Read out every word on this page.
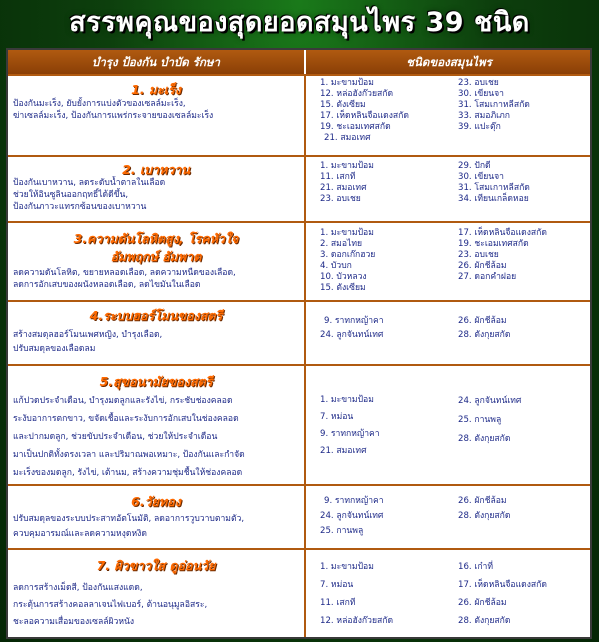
สรรพคุณของสุดยอดสมุนไพร 39 ชนิด
บำรุง ป้องกัน บำบัด รักษา	ชนิดของสมุนไพร
1. มะเร็ง
ป้องกันมะเร็ง, ยับยั้งการแบ่งตัวของเซลล์มะเร็ง,
ฆ่าเซลล์มะเร็ง, ป้องกันการแพร่กระจายของเซลล์มะเร็ง
1. มะขามป้อม
12. หล่อฮังก๊วยสกัด
15. ตังเซียม
17. เห็ดหลินจือแดงสกัด
19. ชะเอมเทศสกัด
21. สมอเทศ
23. อบเชย
30. เขียนจา
31. โสมเกาหลีสกัด
33. สมอภิเภก
39. แปะตุ๊ก
2. เบาหวาน
ป้องกันเบาหวาน, ลดระดับน้ำตาลในเลือด
ช่วยให้อินซูลินออกฤทธิ์ได้ดีขึ้น,
ป้องกันภาวะแทรกซ้อนของเบาหวาน
1. มะขามป้อม
11. เสกที
21. สมอเทศ
23. อบเชย
29. ปักดี
30. เขียนจา
31. โสมเกาหลีสกัด
34. เทียนเกล็ดหอย
3.ความดันโลหิตสูง, โรคหัวใจ
อัมพฤกษ์ อัมพาต
ลดความดันโลหิต, ขยายหลอดเลือด, ลดความหนืดของเลือด,
ลดการอักเสบของผนังหลอดเลือด, ลดไขมันในเลือด
1. มะขามป้อม
2. สมอไทย
3. ดอกเก๊กฮวย
4. บัวบก
10. บัวหลวง
15. ตังเซียม
17. เห็ดหลินจือแดงสกัด
19. ชะเอมเทศสกัด
23. อบเชย
26. ผักชีล้อม
27. ดอกคำฝอย
4.ระบบฮอร์โมนของสตรี
สร้างสมดุลฮอร์โมนเพศหญิง, บำรุงเลือด,
ปรับสมดุลของเลือดลม
9. ราทกหญ้าคา
24. ลูกจันทน์เทศ
26. ผักชีล้อม
28. ตังกุยสกัด
5.สุขอนามัยของสตรี
แก้ปวดประจำเดือน, บำรุงมดลูกและรังไข่, กระชับช่องคลอด
ระงับอาการตกขาว, ขจัดเชื้อและระงับการอักเสบในช่องคลอด
และปากมดลูก, ช่วยขับประจำเดือน, ช่วยให้ประจำเดือน
มาเป็นปกติทั้งตรงเวลา และปริมาณพอเหมาะ, ป้องกันและกำจัด
มะเร็งของมดลูก, รังไข่, เต้านม, สร้างความชุ่มชื้นให้ช่องคลอด
1. มะขามป้อม
7. หม่อน
9. ราทกหญ้าคา
21. สมอเทศ
24. ลูกจันทน์เทศ
25. กานพลู
28. ตังกุยสกัด
6.วัยทอง
ปรับสมดุลของระบบประสาทอัตโนมัติ, ลดอาการวูบวาบตามตัว,
ควบคุมอารมณ์และลดความหงุดหงิด
9. ราทกหญ้าคา
24. ลูกจันทน์เทศ
25. กานพลู
26. ผักชีล้อม
28. ตังกุยสกัด
7. ผิวขาวใส ดูอ่อนวัย
ลดการสร้างเม็ดสี, ป้องกันแสงแดด,
กระตุ้นการสร้างคอลลาเจนไฟเบอร์, ต้านอนุมูลอิสระ,
ชะลอความเสื่อมของเซลล์ผิวหนัง
1. มะขามป้อม
7. หม่อน
11. เสกที
12. หล่อฮังก๊วยสกัด
16. เก๋าที่
17. เห็ดหลินจือแดงสกัด
26. ผักชีล้อม
28. ตังกุยสกัด
